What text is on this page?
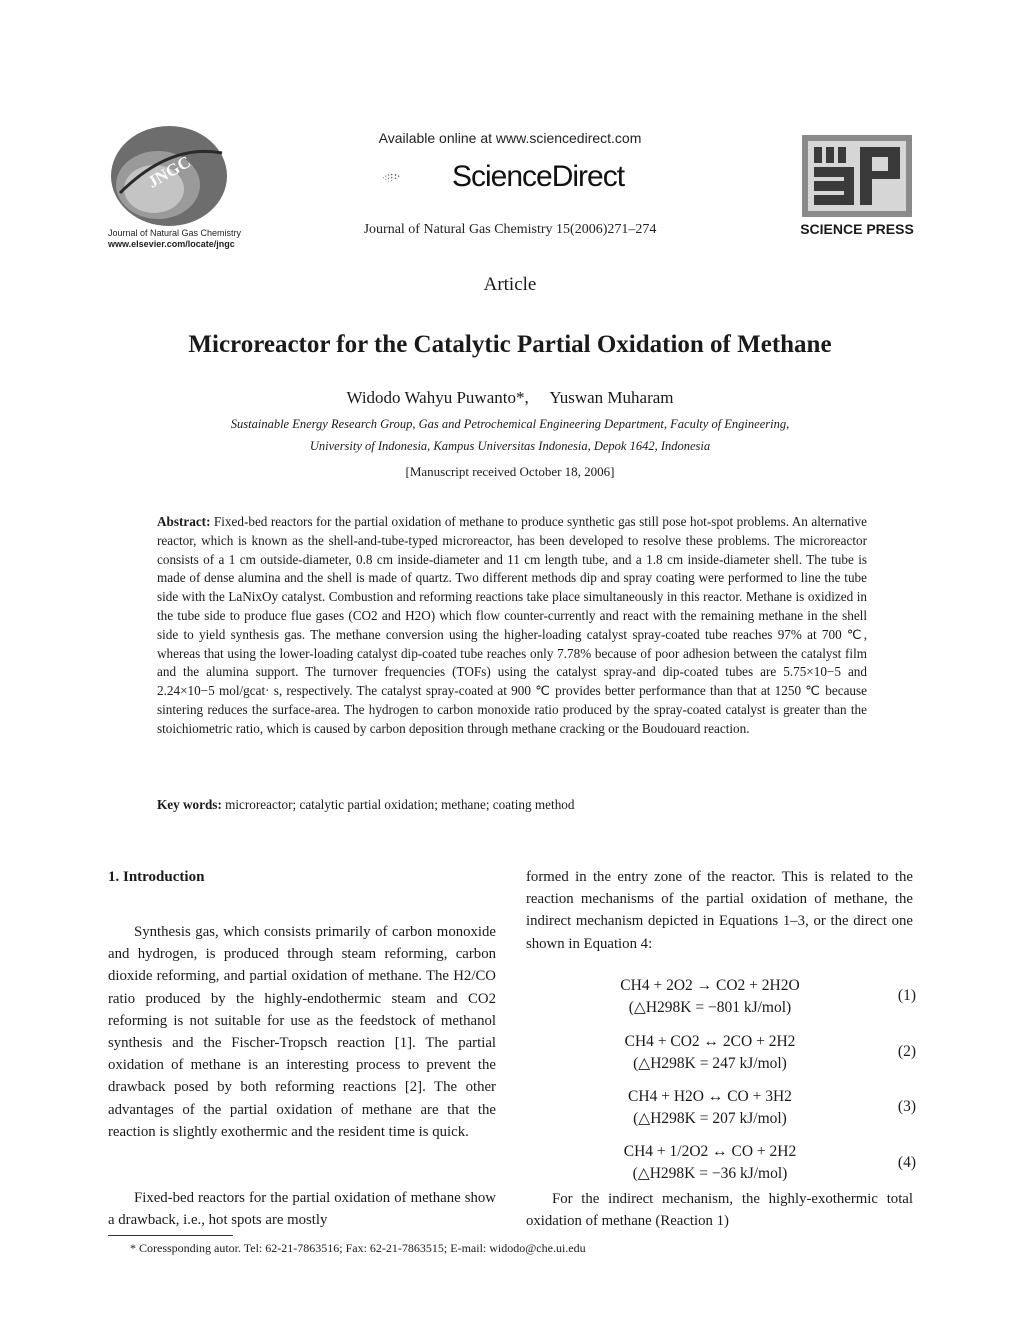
JNGC
Journal of Natural Gas Chemistry
www.elsevier.com/locate/jngc
Available online at www.sciencedirect.com
ScienceDirect
Journal of Natural Gas Chemistry 15(2006)271–274	SCIENCE PRESS
Article
Microreactor for the Catalytic Partial Oxidation of Methane
Widodo Wahyu Puwanto*,     Yuswan Muharam
Sustainable Energy Research Group, Gas and Petrochemical Engineering Department, Faculty of Engineering,
University of Indonesia, Kampus Universitas Indonesia, Depok 1642, Indonesia
[Manuscript received October 18, 2006]
Abstract: Fixed-bed reactors for the partial oxidation of methane to produce synthetic gas still pose hot-spot problems. An alternative reactor, which is known as the shell-and-tube-typed microreactor, has been developed to resolve these problems. The microreactor consists of a 1 cm outside-diameter, 0.8 cm inside-diameter and 11 cm length tube, and a 1.8 cm inside-diameter shell. The tube is made of dense alumina and the shell is made of quartz. Two different methods dip and spray coating were performed to line the tube side with the LaNixOy catalyst. Combustion and reforming reactions take place simultaneously in this reactor. Methane is oxidized in the tube side to produce flue gases (CO2 and H2O) which flow counter-currently and react with the remaining methane in the shell side to yield synthesis gas. The methane conversion using the higher-loading catalyst spray-coated tube reaches 97% at 700 ℃, whereas that using the lower-loading catalyst dip-coated tube reaches only 7.78% because of poor adhesion between the catalyst film and the alumina support. The turnover frequencies (TOFs) using the catalyst spray-and dip-coated tubes are 5.75×10−5 and 2.24×10−5 mol/gcat· s, respectively. The catalyst spray-coated at 900 ℃ provides better performance than that at 1250 ℃ because sintering reduces the surface-area. The hydrogen to carbon monoxide ratio produced by the spray-coated catalyst is greater than the stoichiometric ratio, which is caused by carbon deposition through methane cracking or the Boudouard reaction.
Key words: microreactor; catalytic partial oxidation; methane; coating method
1. Introduction
Synthesis gas, which consists primarily of carbon monoxide and hydrogen, is produced through steam reforming, carbon dioxide reforming, and partial oxidation of methane. The H2/CO ratio produced by the highly-endothermic steam and CO2 reforming is not suitable for use as the feedstock of methanol synthesis and the Fischer-Tropsch reaction [1]. The partial oxidation of methane is an interesting process to prevent the drawback posed by both reforming reactions [2]. The other advantages of the partial oxidation of methane are that the reaction is slightly exothermic and the resident time is quick.
Fixed-bed reactors for the partial oxidation of methane show a drawback, i.e., hot spots are mostly
formed in the entry zone of the reactor. This is related to the reaction mechanisms of the partial oxidation of methane, the indirect mechanism depicted in Equations 1–3, or the direct one shown in Equation 4:
CH4 + 2O2 → CO2 + 2H2O
(△H298K = −801 kJ/mol)
(1)
CH4 + CO2 ↔ 2CO + 2H2
(△H298K = 247 kJ/mol)
(2)
CH4 + H2O ↔ CO + 3H2
(△H298K = 207 kJ/mol)
(3)
CH4 + 1/2O2 ↔ CO + 2H2
(△H298K = −36 kJ/mol)
(4)
For the indirect mechanism, the highly-exothermic total oxidation of methane (Reaction 1)
* Coressponding autor. Tel: 62-21-7863516; Fax: 62-21-7863515; E-mail: widodo@che.ui.edu
